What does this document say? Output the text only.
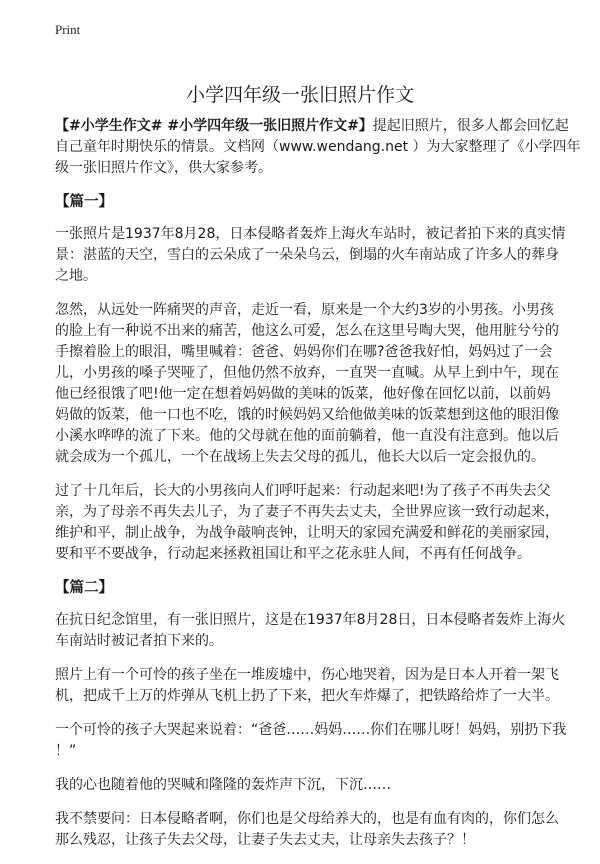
Print
小学四年级一张旧照片作文
【#小学生作文# #小学四年级一张旧照片作文#】提起旧照片，很多人都会回忆起
自己童年时期快乐的情景。文档网（www.wendang.net ）为大家整理了《小学四年
级一张旧照片作文》，供大家参考。
【篇一】
一张照片是1937年8月28，日本侵略者轰炸上海火车站时，被记者拍下来的真实情
景：湛蓝的天空，雪白的云朵成了一朵朵乌云，倒塌的火车南站成了许多人的葬身
之地。
忽然，从远处一阵痛哭的声音，走近一看，原来是一个大约3岁的小男孩。小男孩
的脸上有一种说不出来的痛苦，他这么可爱，怎么在这里号啕大哭，他用脏兮兮的
手擦着脸上的眼泪，嘴里喊着：爸爸、妈妈你们在哪?爸爸我好怕，妈妈过了一会
儿，小男孩的嗓子哭哑了，但他仍然不放弃，一直哭一直喊。从早上到中午，现在
他已经很饿了吧!他一定在想着妈妈做的美味的饭菜，他好像在回忆以前，以前妈
妈做的饭菜，他一口也不吃，饿的时候妈妈又给他做美味的饭菜想到这他的眼泪像
小溪水哗哗的流了下来。他的父母就在他的面前躺着，他一直没有注意到。他以后
就会成为一个孤儿，一个在战场上失去父母的孤儿，他长大以后一定会报仇的。
过了十几年后，长大的小男孩向人们呼吁起来：行动起来吧!为了孩子不再失去父
亲，为了母亲不再失去儿子，为了妻子不再失去丈夫，全世界应该一致行动起来，
维护和平，制止战争，为战争敲响丧钟，让明天的家园充满爱和鲜花的美丽家园，
要和平不要战争，行动起来拯救祖国让和平之花永驻人间，不再有任何战争。
【篇二】
在抗日纪念馆里，有一张旧照片，这是在1937年8月28日，日本侵略者轰炸上海火
车南站时被记者拍下来的。
照片上有一个可怜的孩子坐在一堆废墟中，伤心地哭着，因为是日本人开着一架飞
机，把成千上万的炸弹从飞机上扔了下来，把火车炸爆了，把铁路给炸了一大半。
一个可怜的孩子大哭起来说着：“爸爸……妈妈……你们在哪儿呀！妈妈，别扔下我
！”
我的心也随着他的哭喊和隆隆的轰炸声下沉，下沉……
我不禁要问：日本侵略者啊，你们也是父母给养大的，也是有血有肉的，你们怎么
那么残忍，让孩子失去父母，让妻子失去丈夫，让母亲失去孩子？！
